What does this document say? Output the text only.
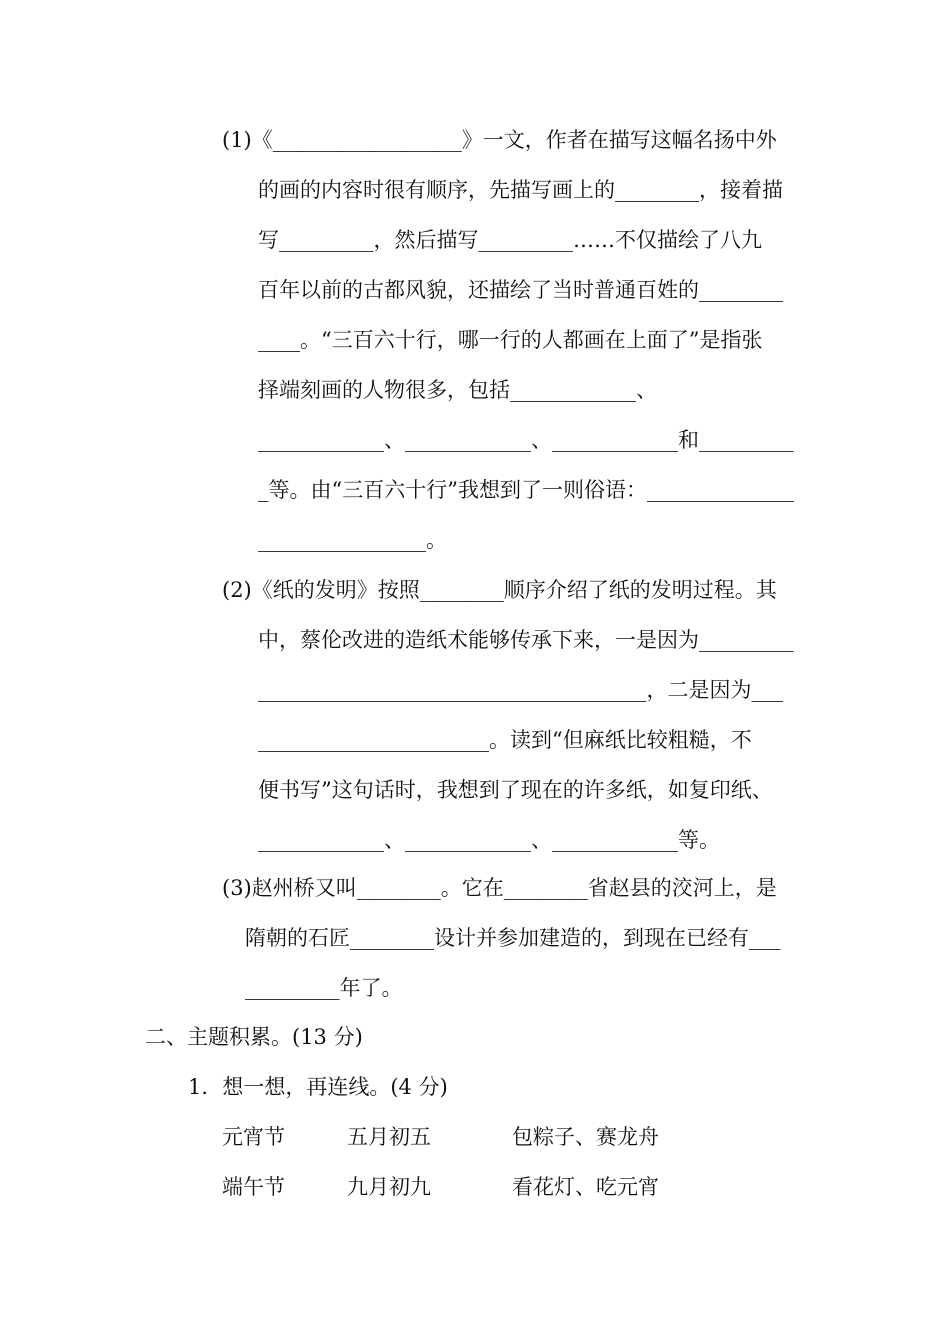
(1)《__________________》一文，作者在描写这幅名扬中外
的画的内容时很有顺序，先描写画上的________，接着描
写_________，然后描写_________……不仅描绘了八九
百年以前的古都风貌，还描绘了当时普通百姓的________
____。“三百六十行，哪一行的人都画在上面了”是指张
择端刻画的人物很多，包括____________、
____________、____________、____________和_________
_等。由“三百六十行”我想到了一则俗语：______________
________________。
(2)《纸的发明》按照________顺序介绍了纸的发明过程。其
中，蔡伦改进的造纸术能够传承下来，一是因为_________
_____________________________________，二是因为___
______________________。读到“但麻纸比较粗糙，不
便书写”这句话时，我想到了现在的许多纸，如复印纸、
____________、____________、____________等。
(3)赵州桥又叫________。它在________省赵县的洨河上，是
隋朝的石匠________设计并参加建造的，到现在已经有___
_________年了。
二、主题积累。(13 分)
1．想一想，再连线。(4 分)
元宵节	五月初五	包粽子、赛龙舟
端午节	九月初九	看花灯、吃元宵
